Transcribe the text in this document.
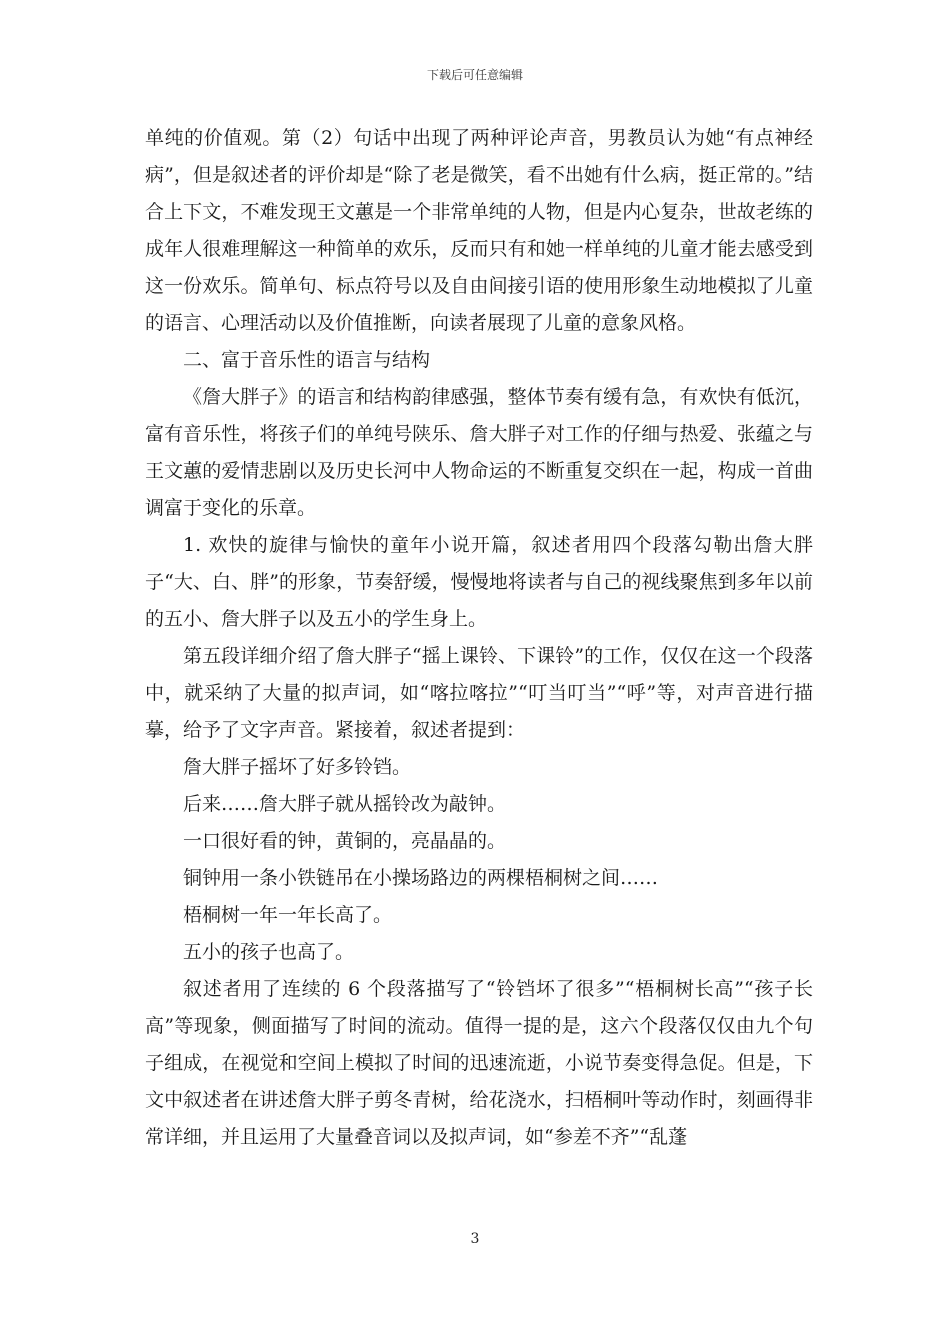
下载后可任意编辑

单纯的价值观。第（2）句话中出现了两种评论声音，男教员认为她“有点神经病”，但是叙述者的评价却是“除了老是微笑，看不出她有什么病，挺正常的。”结合上下文，不难发现王文蕙是一个非常单纯的人物，但是内心复杂，世故老练的成年人很难理解这一种简单的欢乐，反而只有和她一样单纯的儿童才能去感受到这一份欢乐。简单句、标点符号以及自由间接引语的使用形象生动地模拟了儿童的语言、心理活动以及价值推断，向读者展现了儿童的意象风格。

二、富于音乐性的语言与结构

《詹大胖子》的语言和结构韵律感强，整体节奏有缓有急，有欢快有低沉，富有音乐性，将孩子们的单纯号陕乐、詹大胖子对工作的仔细与热爱、张蕴之与王文蕙的爱情悲剧以及历史长河中人物命运的不断重复交织在一起，构成一首曲调富于变化的乐章。

1. 欢快的旋律与愉快的童年小说开篇，叙述者用四个段落勾勒出詹大胖子“大、白、胖”的形象，节奏舒缓，慢慢地将读者与自己的视线聚焦到多年以前的五小、詹大胖子以及五小的学生身上。

第五段详细介绍了詹大胖子“摇上课铃、下课铃”的工作，仅仅在这一个段落中，就采纳了大量的拟声词，如“喀拉喀拉”“叮当叮当”“呼”等，对声音进行描摹，给予了文字声音。紧接着，叙述者提到：

詹大胖子摇坏了好多铃铛。

后来……詹大胖子就从摇铃改为敲钟。

一口很好看的钟，黄铜的，亮晶晶的。

铜钟用一条小铁链吊在小操场路边的两棵梧桐树之间……

梧桐树一年一年长高了。

五小的孩子也高了。

叙述者用了连续的 6 个段落描写了“铃铛坏了很多”“梧桐树长高”“孩子长高”等现象，侧面描写了时间的流动。值得一提的是，这六个段落仅仅由九个句子组成，在视觉和空间上模拟了时间的迅速流逝，小说节奏变得急促。但是，下文中叙述者在讲述詹大胖子剪冬青树，给花浇水，扫梧桐叶等动作时，刻画得非常详细，并且运用了大量叠音词以及拟声词，如“参差不齐”“乱蓬

3
